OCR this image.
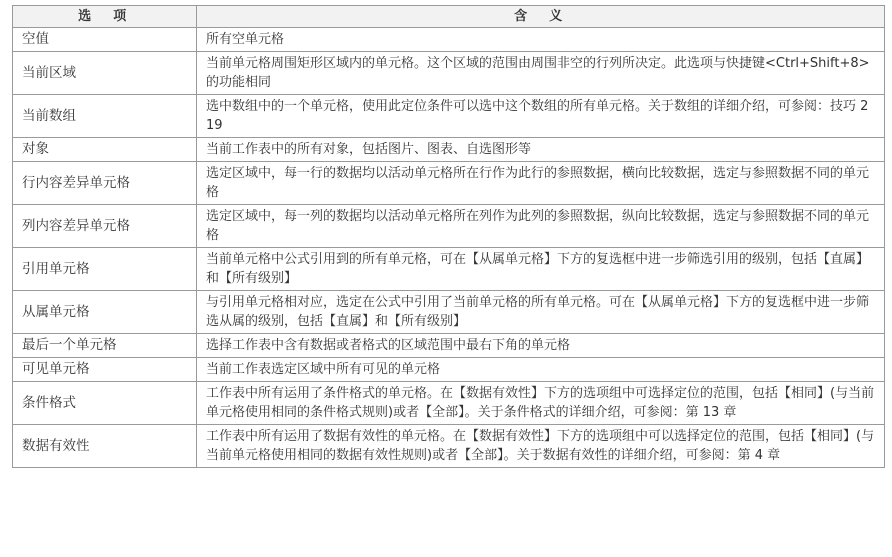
选　项	含　义
空值	所有空单元格
当前区域	当前单元格周围矩形区域内的单元格。这个区域的范围由周围非空的行列所决定。此选项与快捷键<Ctrl+Shift+8>的功能相同
当前数组	选中数组中的一个单元格，使用此定位条件可以选中这个数组的所有单元格。关于数组的详细介绍，可参阅：技巧 219
对象	当前工作表中的所有对象，包括图片、图表、自选图形等
行内容差异单元格	选定区域中，每一行的数据均以活动单元格所在行作为此行的参照数据，横向比较数据，选定与参照数据不同的单元格
列内容差异单元格	选定区域中，每一列的数据均以活动单元格所在列作为此列的参照数据，纵向比较数据，选定与参照数据不同的单元格
引用单元格	当前单元格中公式引用到的所有单元格，可在【从属单元格】下方的复选框中进一步筛选引用的级别，包括【直属】和【所有级别】
从属单元格	与引用单元格相对应，选定在公式中引用了当前单元格的所有单元格。可在【从属单元格】下方的复选框中进一步筛选从属的级别，包括【直属】和【所有级别】
最后一个单元格	选择工作表中含有数据或者格式的区域范围中最右下角的单元格
可见单元格	当前工作表选定区域中所有可见的单元格
条件格式	工作表中所有运用了条件格式的单元格。在【数据有效性】下方的选项组中可选择定位的范围，包括【相同】(与当前单元格使用相同的条件格式规则)或者【全部】。关于条件格式的详细介绍，可参阅：第 13 章
数据有效性	工作表中所有运用了数据有效性的单元格。在【数据有效性】下方的选项组中可以选择定位的范围，包括【相同】(与当前单元格使用相同的数据有效性规则)或者【全部】。关于数据有效性的详细介绍，可参阅：第 4 章
